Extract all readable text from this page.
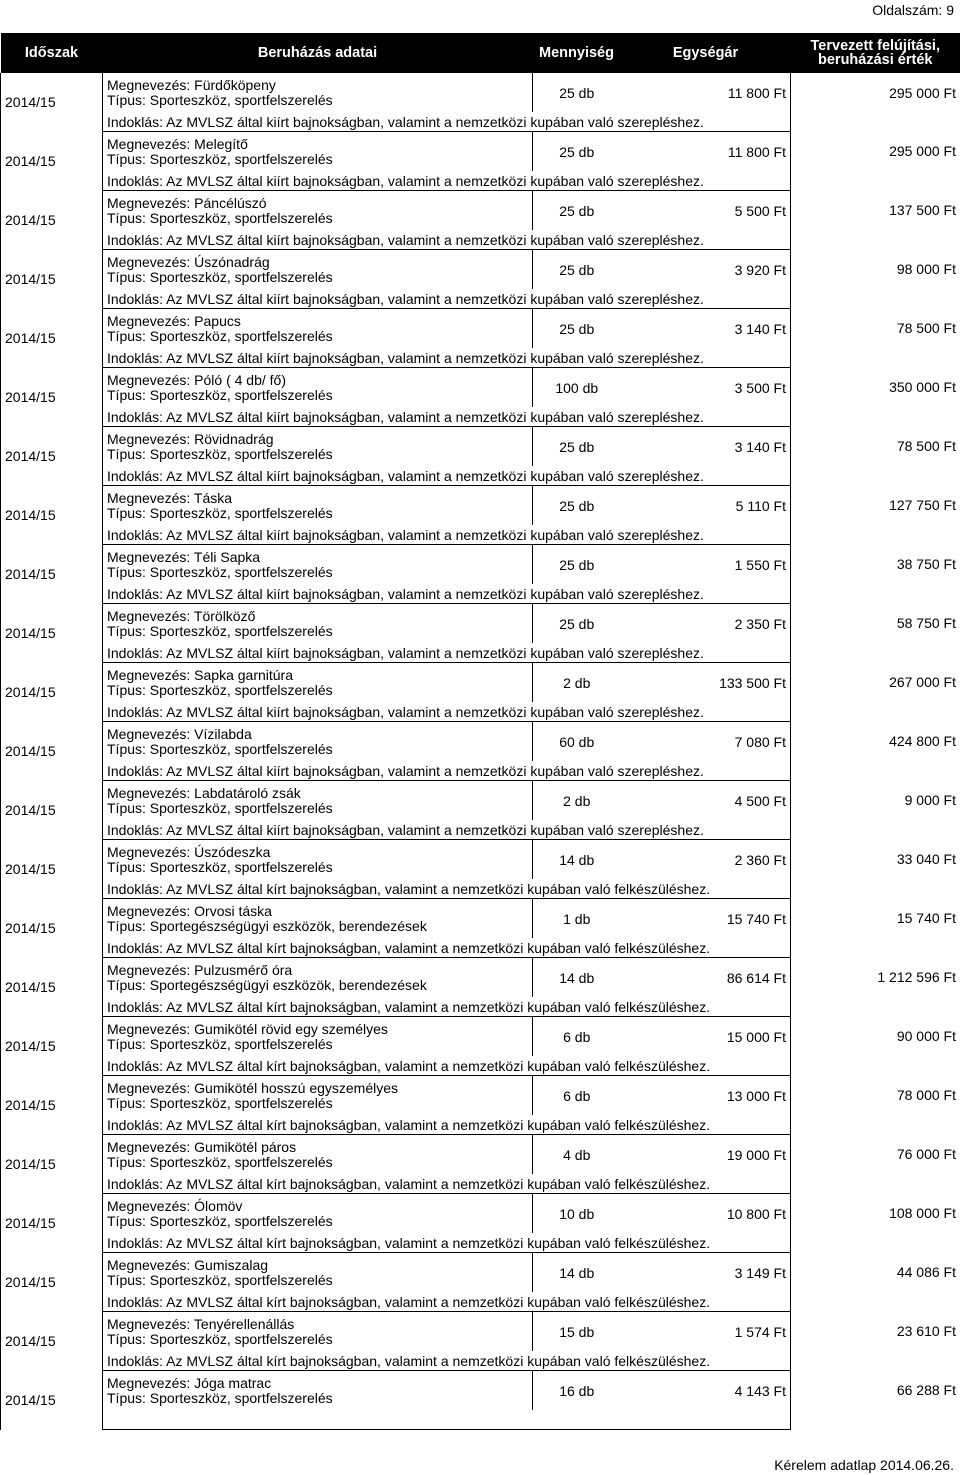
Oldalszám: 9
Időszak	Beruházás adatai	Mennyiség	Egységár	Tervezett felújítási,
beruházási érték

2014/15	Megnevezés: Fürdőköpeny
Típus: Sporteszköz, sportfelszerelés	25 db	11 800 Ft	295 000 Ft
	Indoklás: Az MVLSZ által kiírt bajnokságban, valamint a nemzetközi kupában való szerepléshez.			
2014/15	Megnevezés: Melegítő
Típus: Sporteszköz, sportfelszerelés	25 db	11 800 Ft	295 000 Ft
	Indoklás: Az MVLSZ által kiírt bajnokságban, valamint a nemzetközi kupában való szerepléshez.			
2014/15	Megnevezés: Páncélúszó
Típus: Sporteszköz, sportfelszerelés	25 db	5 500 Ft	137 500 Ft
	Indoklás: Az MVLSZ által kiírt bajnokságban, valamint a nemzetközi kupában való szerepléshez.			
2014/15	Megnevezés: Úszónadrág
Típus: Sporteszköz, sportfelszerelés	25 db	3 920 Ft	98 000 Ft
	Indoklás: Az MVLSZ által kiírt bajnokságban, valamint a nemzetközi kupában való szerepléshez.			
2014/15	Megnevezés: Papucs
Típus: Sporteszköz, sportfelszerelés	25 db	3 140 Ft	78 500 Ft
	Indoklás: Az MVLSZ által kiírt bajnokságban, valamint a nemzetközi kupában való szerepléshez.			
2014/15	Megnevezés: Póló ( 4 db/ fő)
Típus: Sporteszköz, sportfelszerelés	100 db	3 500 Ft	350 000 Ft
	Indoklás: Az MVLSZ által kiírt bajnokságban, valamint a nemzetközi kupában való szerepléshez.			
2014/15	Megnevezés: Rövidnadrág
Típus: Sporteszköz, sportfelszerelés	25 db	3 140 Ft	78 500 Ft
	Indoklás: Az MVLSZ által kiírt bajnokságban, valamint a nemzetközi kupában való szerepléshez.			
2014/15	Megnevezés: Táska
Típus: Sporteszköz, sportfelszerelés	25 db	5 110 Ft	127 750 Ft
	Indoklás: Az MVLSZ által kiírt bajnokságban, valamint a nemzetközi kupában való szerepléshez.			
2014/15	Megnevezés: Téli Sapka
Típus: Sporteszköz, sportfelszerelés	25 db	1 550 Ft	38 750 Ft
	Indoklás: Az MVLSZ által kiírt bajnokságban, valamint a nemzetközi kupában való szerepléshez.			
2014/15	Megnevezés: Törölköző
Típus: Sporteszköz, sportfelszerelés	25 db	2 350 Ft	58 750 Ft
	Indoklás: Az MVLSZ által kiírt bajnokságban, valamint a nemzetközi kupában való szerepléshez.			
2014/15	Megnevezés: Sapka garnitúra
Típus: Sporteszköz, sportfelszerelés	2 db	133 500 Ft	267 000 Ft
	Indoklás: Az MVLSZ által kiírt bajnokságban, valamint a nemzetközi kupában való szerepléshez.			
2014/15	Megnevezés: Vízilabda
Típus: Sporteszköz, sportfelszerelés	60 db	7 080 Ft	424 800 Ft
	Indoklás: Az MVLSZ által kiírt bajnokságban, valamint a nemzetközi kupában való szerepléshez.			
2014/15	Megnevezés: Labdatároló zsák
Típus: Sporteszköz, sportfelszerelés	2 db	4 500 Ft	9 000 Ft
	Indoklás: Az MVLSZ által kiírt bajnokságban, valamint a nemzetközi kupában való szerepléshez.			
2014/15	Megnevezés: Úszódeszka
Típus: Sporteszköz, sportfelszerelés	14 db	2 360 Ft	33 040 Ft
	Indoklás: Az MVLSZ által kírt bajnokságban, valamint a nemzetközi kupában való felkészüléshez.			
2014/15	Megnevezés: Orvosi táska
Típus: Sportegészségügyi eszközök, berendezések	1 db	15 740 Ft	15 740 Ft
	Indoklás: Az MVLSZ által kírt bajnokságban, valamint a nemzetközi kupában való felkészüléshez.			
2014/15	Megnevezés: Pulzusmérő óra
Típus: Sportegészségügyi eszközök, berendezések	14 db	86 614 Ft	1 212 596 Ft
	Indoklás: Az MVLSZ által kírt bajnokságban, valamint a nemzetközi kupában való felkészüléshez.			
2014/15	Megnevezés: Gumikötél rövid egy személyes
Típus: Sporteszköz, sportfelszerelés	6 db	15 000 Ft	90 000 Ft
	Indoklás: Az MVLSZ által kírt bajnokságban, valamint a nemzetközi kupában való felkészüléshez.			
2014/15	Megnevezés: Gumikötél hosszú egyszemélyes
Típus: Sporteszköz, sportfelszerelés	6 db	13 000 Ft	78 000 Ft
	Indoklás: Az MVLSZ által kírt bajnokságban, valamint a nemzetközi kupában való felkészüléshez.			
2014/15	Megnevezés: Gumikötél páros
Típus: Sporteszköz, sportfelszerelés	4 db	19 000 Ft	76 000 Ft
	Indoklás: Az MVLSZ által kírt bajnokságban, valamint a nemzetközi kupában való felkészüléshez.			
2014/15	Megnevezés: Ólomöv
Típus: Sporteszköz, sportfelszerelés	10 db	10 800 Ft	108 000 Ft
	Indoklás: Az MVLSZ által kírt bajnokságban, valamint a nemzetközi kupában való felkészüléshez.			
2014/15	Megnevezés: Gumiszalag
Típus: Sporteszköz, sportfelszerelés	14 db	3 149 Ft	44 086 Ft
	Indoklás: Az MVLSZ által kírt bajnokságban, valamint a nemzetközi kupában való felkészüléshez.			
2014/15	Megnevezés: Tenyérellenállás
Típus: Sporteszköz, sportfelszerelés	15 db	1 574 Ft	23 610 Ft
	Indoklás: Az MVLSZ által kírt bajnokságban, valamint a nemzetközi kupában való felkészüléshez.			
2014/15	Megnevezés: Jóga matrac
Típus: Sporteszköz, sportfelszerelés	16 db	4 143 Ft	66 288 Ft

Kérelem adatlap 2014.06.26.
